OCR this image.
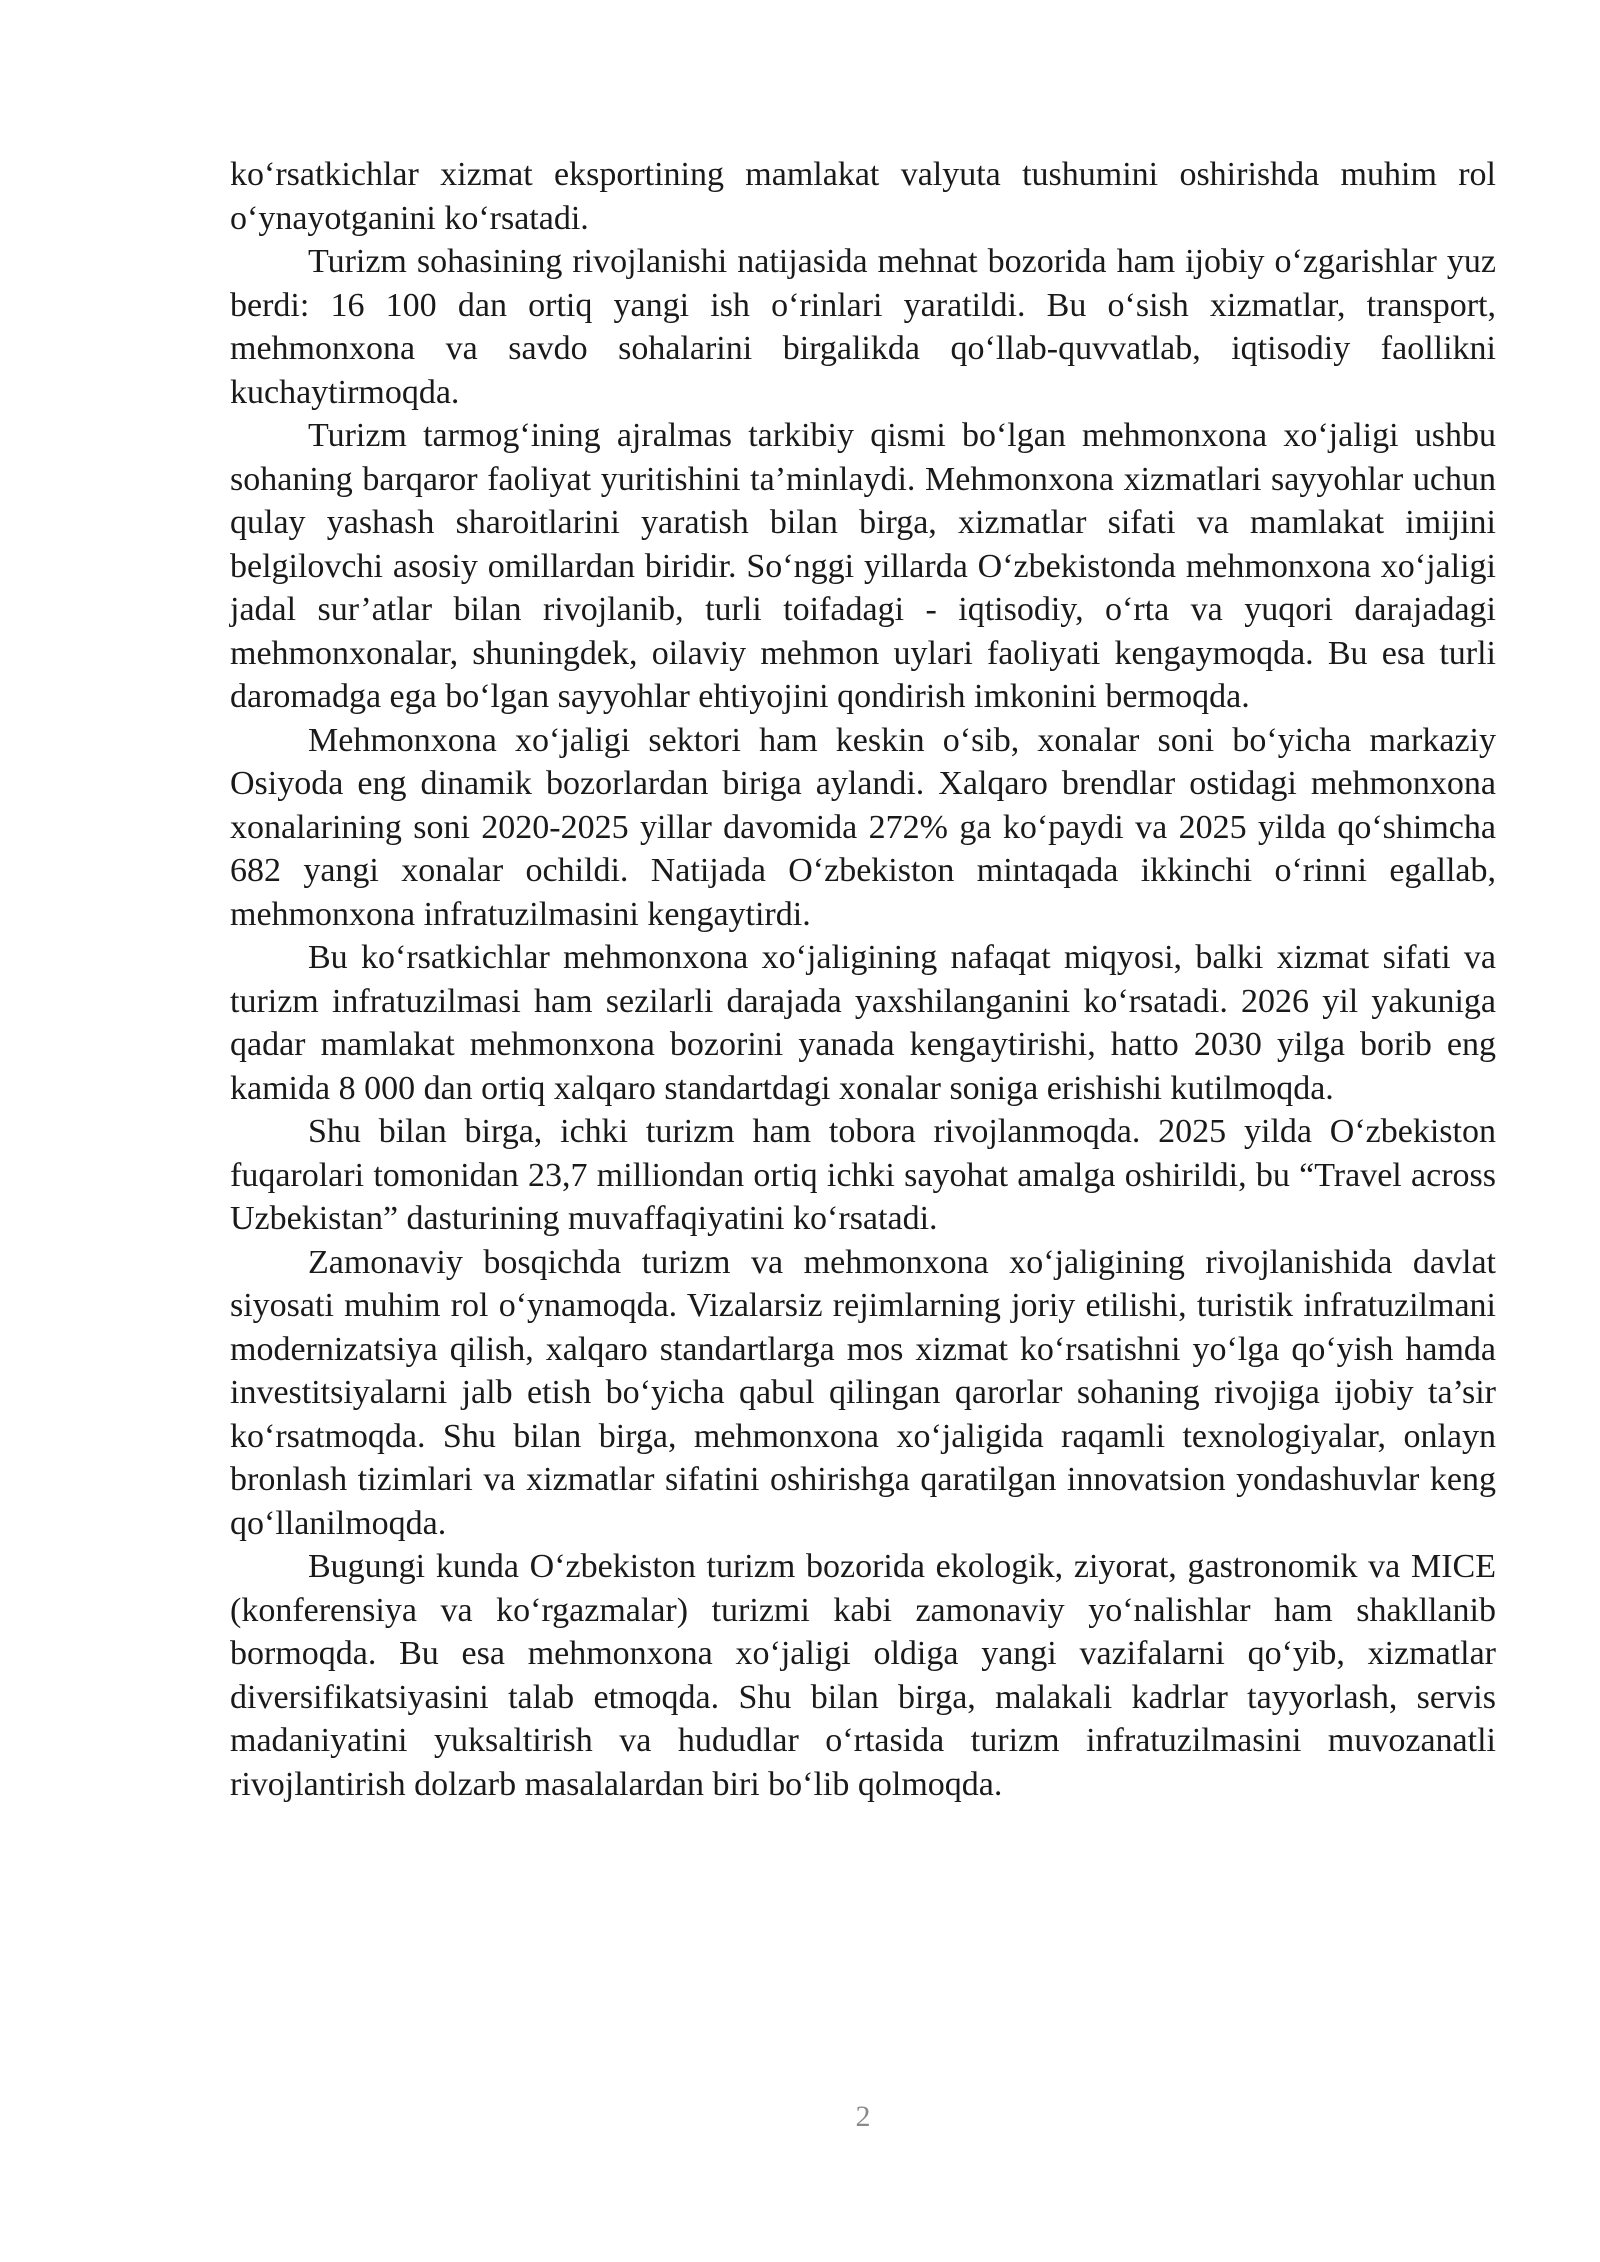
koʻrsatkichlar xizmat eksportining mamlakat valyuta tushumini oshirishda muhim rol oʻynayotganini koʻrsatadi.

Turizm sohasining rivojlanishi natijasida mehnat bozorida ham ijobiy oʻzgarishlar yuz berdi: 16 100 dan ortiq yangi ish oʻrinlari yaratildi. Bu oʻsish xizmatlar, transport, mehmonxona va savdo sohalarini birgalikda qoʻllab-quvvatlab, iqtisodiy faollikni kuchaytirmoqda.

Turizm tarmogʻining ajralmas tarkibiy qismi boʻlgan mehmonxona xoʻjaligi ushbu sohaning barqaror faoliyat yuritishini ta’minlaydi. Mehmonxona xizmatlari sayyohlar uchun qulay yashash sharoitlarini yaratish bilan birga, xizmatlar sifati va mamlakat imijini belgilovchi asosiy omillardan biridir. Soʻnggi yillarda Oʻzbekistonda mehmonxona xoʻjaligi jadal sur’atlar bilan rivojlanib, turli toifadagi - iqtisodiy, oʻrta va yuqori darajadagi mehmonxonalar, shuningdek, oilaviy mehmon uylari faoliyati kengaymoqda. Bu esa turli daromadga ega boʻlgan sayyohlar ehtiyojini qondirish imkonini bermoqda.

Mehmonxona xoʻjaligi sektori ham keskin oʻsib, xonalar soni boʻyicha markaziy Osiyoda eng dinamik bozorlardan biriga aylandi. Xalqaro brendlar ostidagi mehmonxona xonalarining soni 2020-2025 yillar davomida 272% ga koʻpaydi va 2025 yilda qoʻshimcha 682 yangi xonalar ochildi. Natijada Oʻzbekiston mintaqada ikkinchi oʻrinni egallab, mehmonxona infratuzilmasini kengaytirdi.

Bu koʻrsatkichlar mehmonxona xoʻjaligining nafaqat miqyosi, balki xizmat sifati va turizm infratuzilmasi ham sezilarli darajada yaxshilanganini koʻrsatadi. 2026 yil yakuniga qadar mamlakat mehmonxona bozorini yanada kengaytirishi, hatto 2030 yilga borib eng kamida 8 000 dan ortiq xalqaro standartdagi xonalar soniga erishishi kutilmoqda.

Shu bilan birga, ichki turizm ham tobora rivojlanmoqda. 2025 yilda Oʻzbekiston fuqarolari tomonidan 23,7 milliondan ortiq ichki sayohat amalga oshirildi, bu “Travel across Uzbekistan” dasturining muvaffaqiyatini koʻrsatadi.

Zamonaviy bosqichda turizm va mehmonxona xoʻjaligining rivojlanishida davlat siyosati muhim rol oʻynamoqda. Vizalarsiz rejimlarning joriy etilishi, turistik infratuzilmani modernizatsiya qilish, xalqaro standartlarga mos xizmat koʻrsatishni yoʻlga qoʻyish hamda investitsiyalarni jalb etish boʻyicha qabul qilingan qarorlar sohaning rivojiga ijobiy ta’sir koʻrsatmoqda. Shu bilan birga, mehmonxona xoʻjaligida raqamli texnologiyalar, onlayn bronlash tizimlari va xizmatlar sifatini oshirishga qaratilgan innovatsion yondashuvlar keng qoʻllanilmoqda.

Bugungi kunda Oʻzbekiston turizm bozorida ekologik, ziyorat, gastronomik va MICE (konferensiya va koʻrgazmalar) turizmi kabi zamonaviy yoʻnalishlar ham shakllanib bormoqda. Bu esa mehmonxona xoʻjaligi oldiga yangi vazifalarni qoʻyib, xizmatlar diversifikatsiyasini talab etmoqda. Shu bilan birga, malakali kadrlar tayyorlash, servis madaniyatini yuksaltirish va hududlar oʻrtasida turizm infratuzilmasini muvozanatli rivojlantirish dolzarb masalalardan biri boʻlib qolmoqda.

2
